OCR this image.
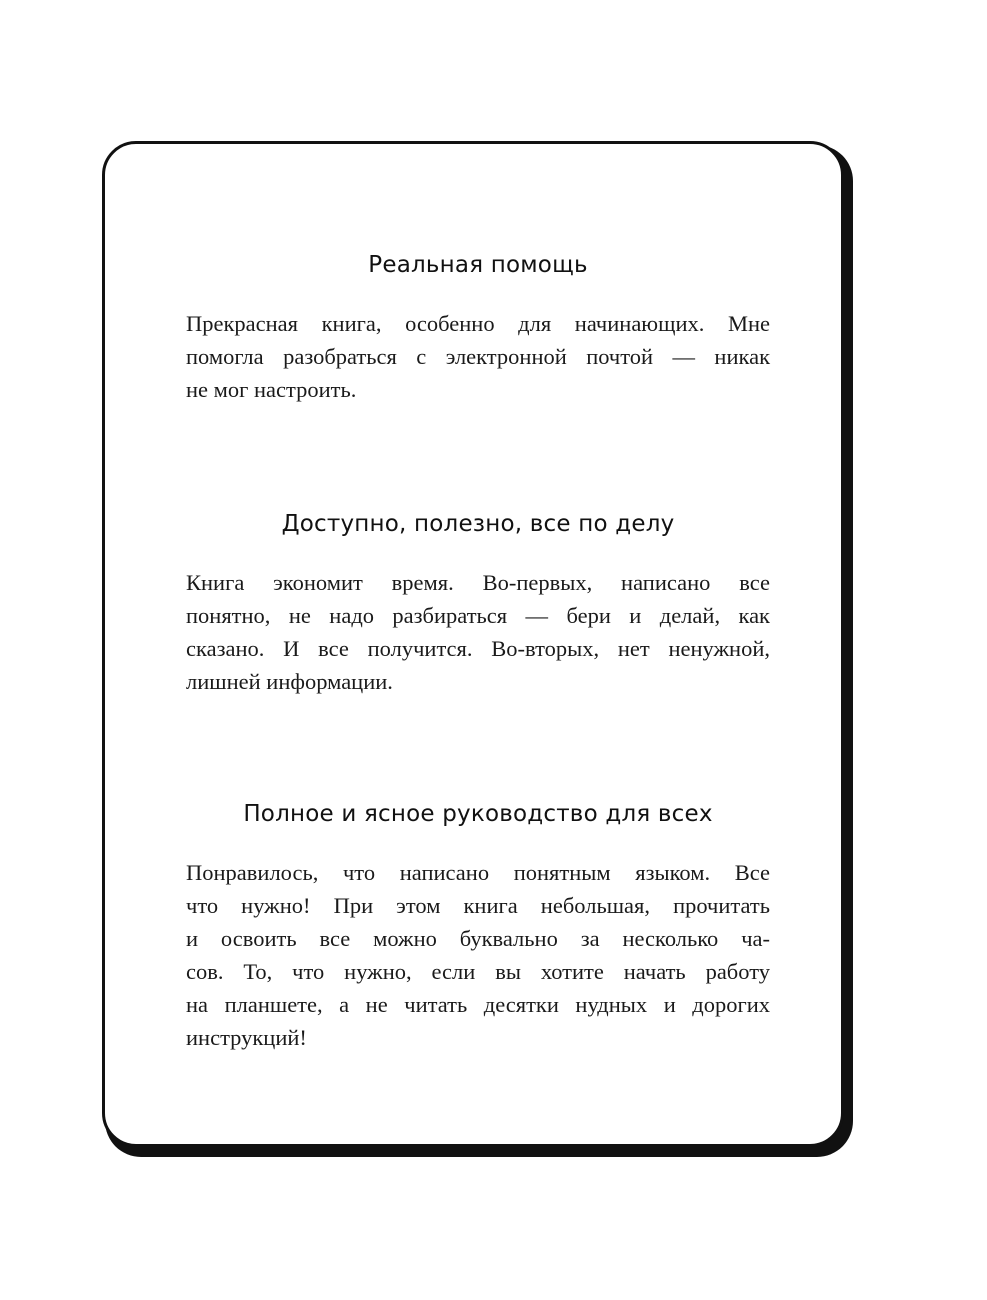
Реальная помощь
Прекрасная книга, особенно для начинающих. Мне
помогла разобраться с электронной почтой — никак
не мог настроить.
Доступно, полезно, все по делу
Книга экономит время. Во-первых, написано все
понятно, не надо разбираться — бери и делай, как
сказано. И все получится. Во-вторых, нет ненужной,
лишней информации.
Полное и ясное руководство для всех
Понравилось, что написано понятным языком. Все
что нужно! При этом книга небольшая, прочитать
и освоить все можно буквально за несколько ча-
сов. То, что нужно, если вы хотите начать работу
на планшете, а не читать десятки нудных и дорогих
инструкций!
